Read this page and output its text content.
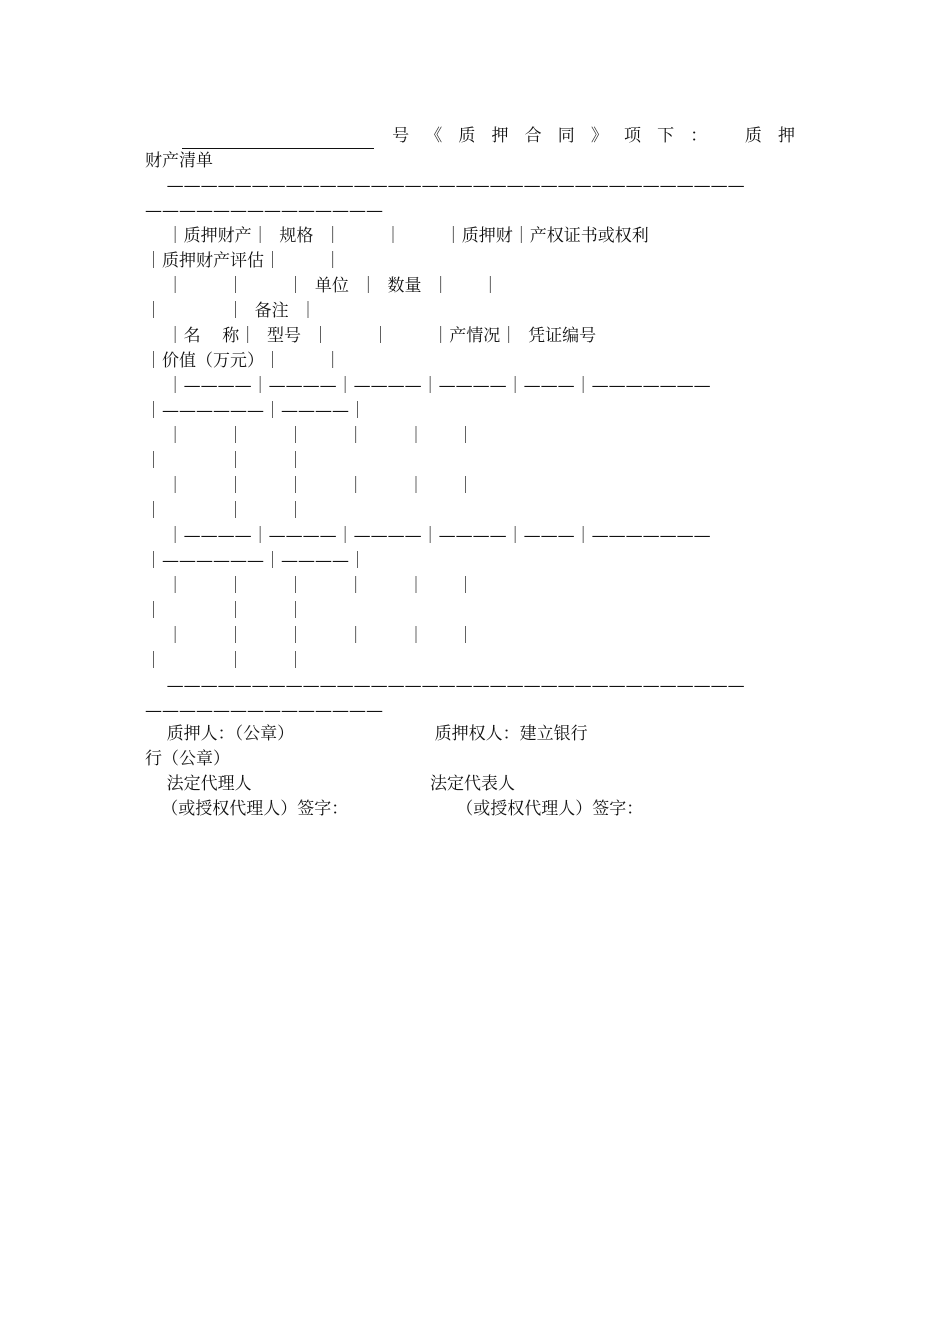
号《质押合同》项下： 质押
财产清单
——————————————————————————————————
——————————————
｜质押财产｜  规格  ｜        ｜        ｜质押财｜产权证书或权利
｜质押财产评估｜        ｜
｜        ｜        ｜  单位  ｜  数量  ｜      ｜
｜            ｜  备注  ｜
｜名    称｜  型号  ｜        ｜        ｜产情况｜  凭证编号
｜价值（万元）｜        ｜
｜————｜————｜————｜————｜———｜———————
｜——————｜————｜
｜        ｜        ｜        ｜        ｜      ｜
｜            ｜        ｜
｜        ｜        ｜        ｜        ｜      ｜
｜            ｜        ｜
｜————｜————｜————｜————｜———｜———————
｜——————｜————｜
｜        ｜        ｜        ｜        ｜      ｜
｜            ｜        ｜
｜        ｜        ｜        ｜        ｜      ｜
｜            ｜        ｜
——————————————————————————————————
——————————————
质押人：（公章）                          质押权人：建立银行
行（公章）
法定代理人                                 法定代表人
（或授权代理人）签字：                    （或授权代理人）签字：
